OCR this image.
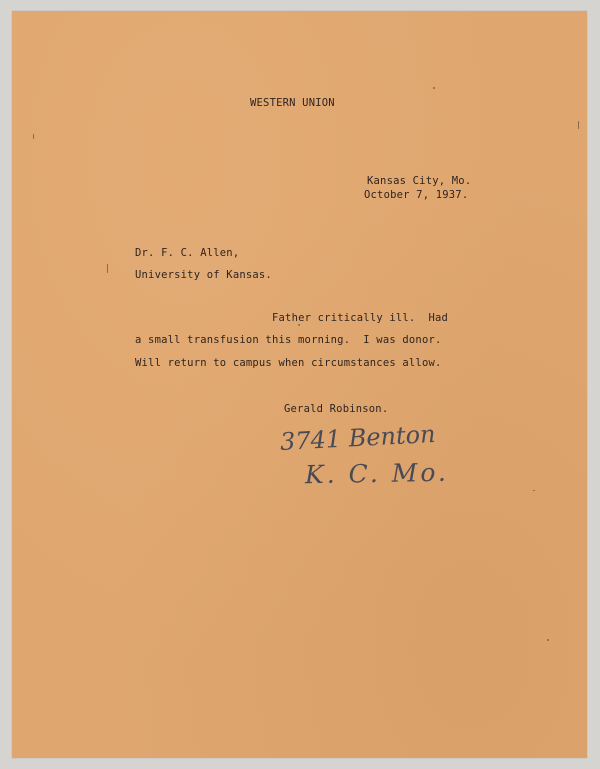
WESTERN UNION
Kansas City, Mo.
October 7, 1937.
Dr. F. C. Allen,
University of Kansas.
Father critically ill.  Had
a small transfusion this morning.  I was donor.
Will return to campus when circumstances allow.
Gerald Robinson.
3741 Benton
K. C. Mo.
